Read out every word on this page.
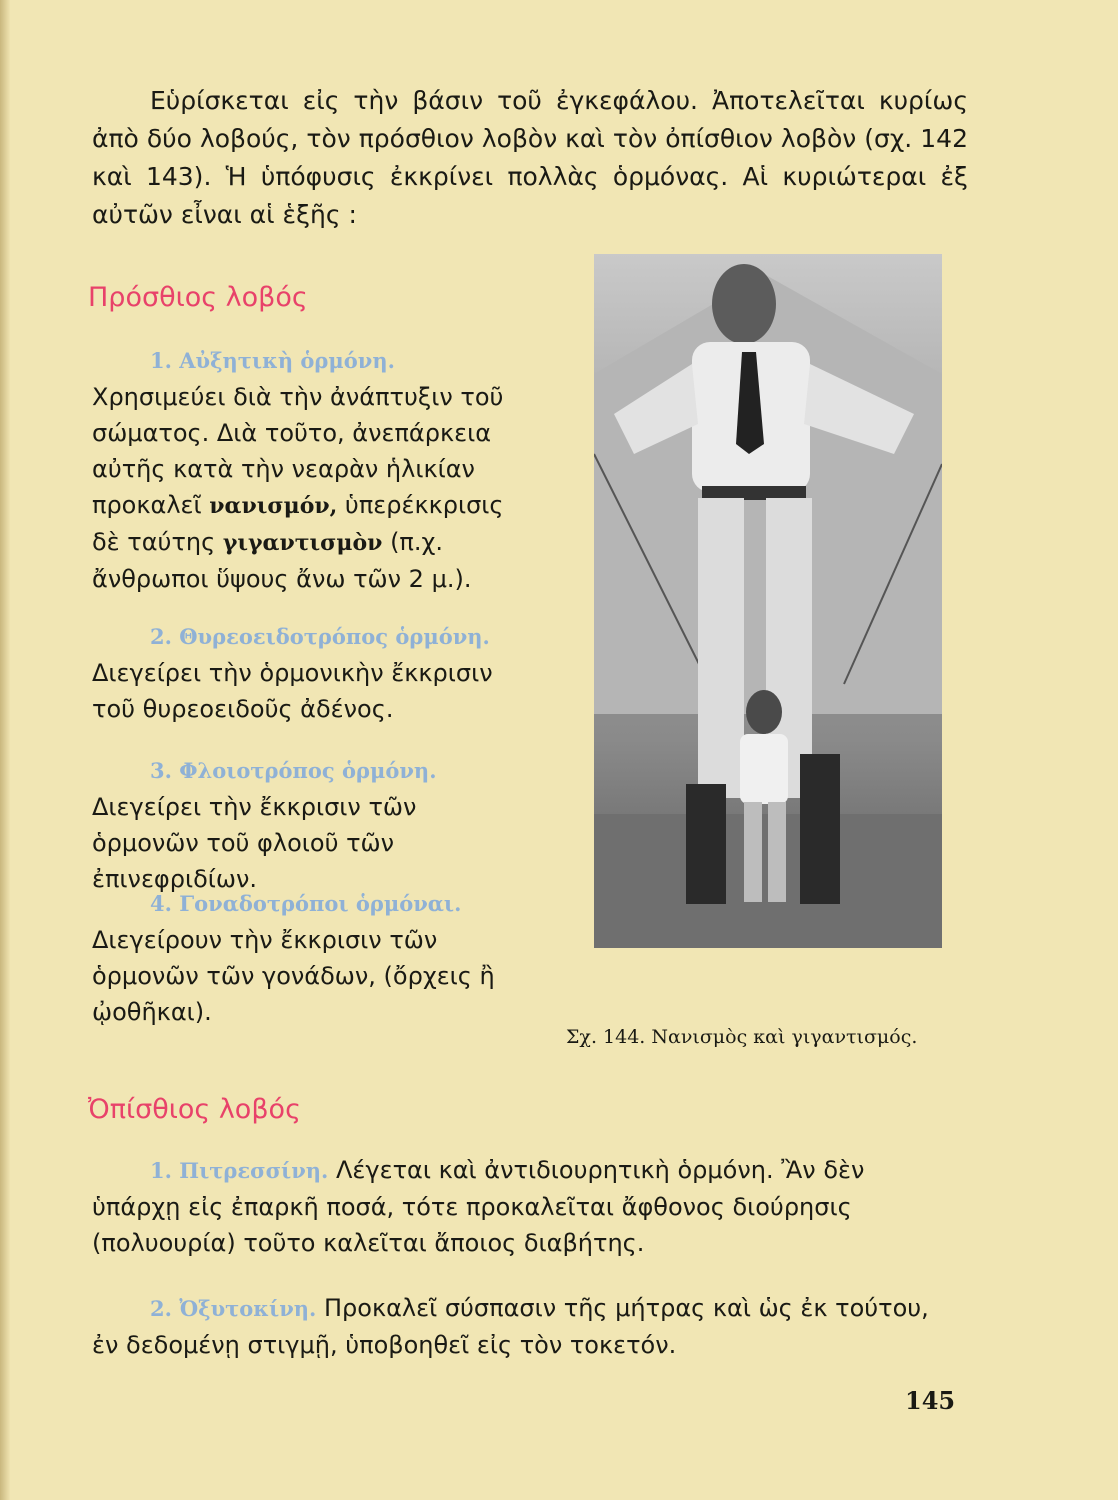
Εὑρίσκεται εἰς τὴν βάσιν τοῦ ἐγκεφάλου. Ἀποτελεῖται κυρίως ἀπὸ δύο λοβούς, τὸν πρόσθιον λοβὸν καὶ τὸν ὀπίσθιον λοβὸν (σχ. 142 καὶ 143). Ἡ ὑπόφυσις ἐκκρίνει πολλὰς ὁρμόνας. Αἱ κυριώτεραι ἐξ αὐτῶν εἶναι αἱ ἑξῆς :

Πρόσθιος λοβός

1. Αὐξητικὴ ὁρμόνη. Χρησιμεύει διὰ τὴν ἀνάπτυξιν τοῦ σώματος. Διὰ τοῦτο, ἀνεπάρκεια αὐτῆς κατὰ τὴν νεαρὰν ἡλικίαν προκαλεῖ νανισμόν, ὑπερέκκρισις δὲ ταύτης γιγαντισμὸν (π.χ. ἄνθρωποι ὕψους ἄνω τῶν 2 μ.).

2. Θυρεοειδοτρόπος ὁρμόνη. Διεγείρει τὴν ὁρμονικὴν ἔκκρισιν τοῦ θυρεοειδοῦς ἀδένος.

3. Φλοιοτρόπος ὁρμόνη. Διεγείρει τὴν ἔκκρισιν τῶν ὁρμονῶν τοῦ φλοιοῦ τῶν ἐπινεφριδίων.

4. Γοναδοτρόποι ὁρμόναι. Διεγείρουν τὴν ἔκκρισιν τῶν ὁρμονῶν τῶν γονάδων, (ὄρχεις ἢ ᾠοθῆκαι).

Σχ. 144. Νανισμὸς καὶ γιγαντισμός.

Ὀπίσθιος λοβός

1. Πιτρεσσίνη. Λέγεται καὶ ἀντιδιουρητικὴ ὁρμόνη. Ἂν δὲν ὑπάρχῃ εἰς ἐπαρκῆ ποσά, τότε προκαλεῖται ἄφθονος διούρησις (πολυουρία) τοῦτο καλεῖται ἄποιος διαβήτης.

2. Ὀξυτοκίνη. Προκαλεῖ σύσπασιν τῆς μήτρας καὶ ὡς ἐκ τούτου, ἐν δεδομένῃ στιγμῇ, ὑποβοηθεῖ εἰς τὸν τοκετόν.

145
